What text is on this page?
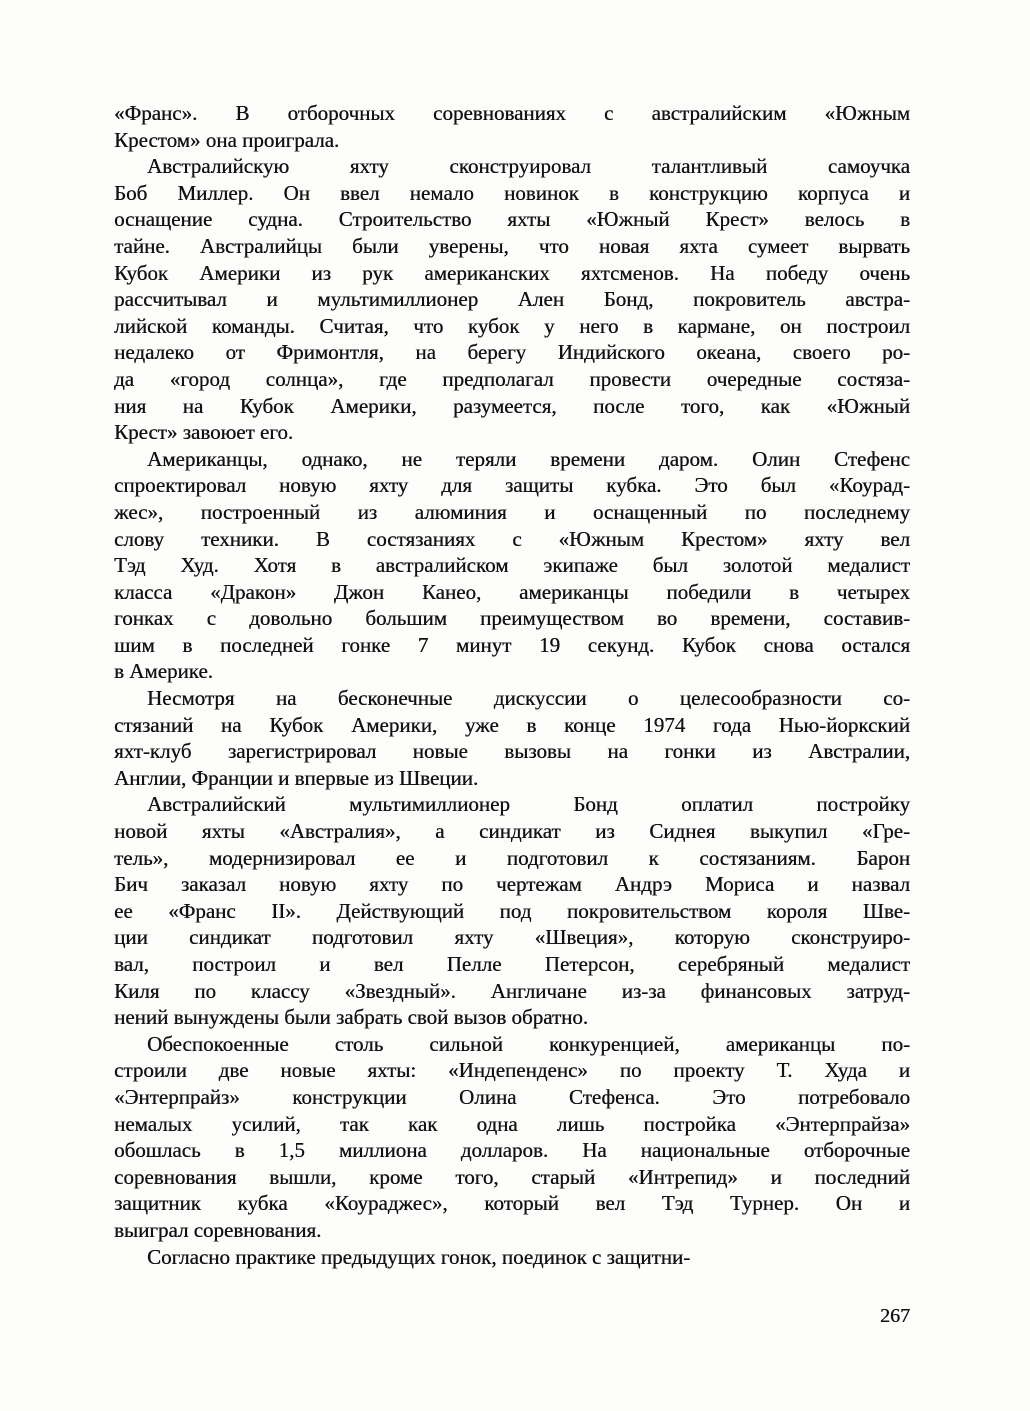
«Франс». В отборочных соревнованиях с австралийским «Южным
Крестом» она проиграла.

Австралийскую яхту сконструировал талантливый самоучка
Боб Миллер. Он ввел немало новинок в конструкцию корпуса и
оснащение судна. Строительство яхты «Южный Крест» велось в
тайне. Австралийцы были уверены, что новая яхта сумеет вырвать
Кубок Америки из рук американских яхтсменов. На победу очень
рассчитывал и мультимиллионер Ален Бонд, покровитель австра-
лийской команды. Считая, что кубок у него в кармане, он построил
недалеко от Фримонтля, на берегу Индийского океана, своего ро-
да «город солнца», где предполагал провести очередные состяза-
ния на Кубок Америки, разумеется, после того, как «Южный
Крест» завоюет его.

Американцы, однако, не теряли времени даром. Олин Стефенс
спроектировал новую яхту для защиты кубка. Это был «Коурад-
жес», построенный из алюминия и оснащенный по последнему
слову техники. В состязаниях с «Южным Крестом» яхту вел
Тэд Худ. Хотя в австралийском экипаже был золотой медалист
класса «Дракон» Джон Канео, американцы победили в четырех
гонках с довольно большим преимуществом во времени, составив-
шим в последней гонке 7 минут 19 секунд. Кубок снова остался
в Америке.

Несмотря на бесконечные дискуссии о целесообразности со-
стязаний на Кубок Америки, уже в конце 1974 года Нью-йоркский
яхт-клуб зарегистрировал новые вызовы на гонки из Австралии,
Англии, Франции и впервые из Швеции.

Австралийский мультимиллионер Бонд оплатил постройку
новой яхты «Австралия», а синдикат из Сиднея выкупил «Гре-
тель», модернизировал ее и подготовил к состязаниям. Барон
Бич заказал новую яхту по чертежам Андрэ Мориса и назвал
ее «Франс II». Действующий под покровительством короля Шве-
ции синдикат подготовил яхту «Швеция», которую сконструиро-
вал, построил и вел Пелле Петерсон, серебряный медалист
Киля по классу «Звездный». Англичане из-за финансовых затруд-
нений вынуждены были забрать свой вызов обратно.

Обеспокоенные столь сильной конкуренцией, американцы по-
строили две новые яхты: «Индепенденс» по проекту Т. Худа и
«Энтерпрайз» конструкции Олина Стефенса. Это потребовало
немалых усилий, так как одна лишь постройка «Энтерпрайза»
обошлась в 1,5 миллиона долларов. На национальные отборочные
соревнования вышли, кроме того, старый «Интрепид» и последний
защитник кубка «Коураджес», который вел Тэд Турнер. Он и
выиграл соревнования.

Согласно практике предыдущих гонок, поединок с защитни-

267
